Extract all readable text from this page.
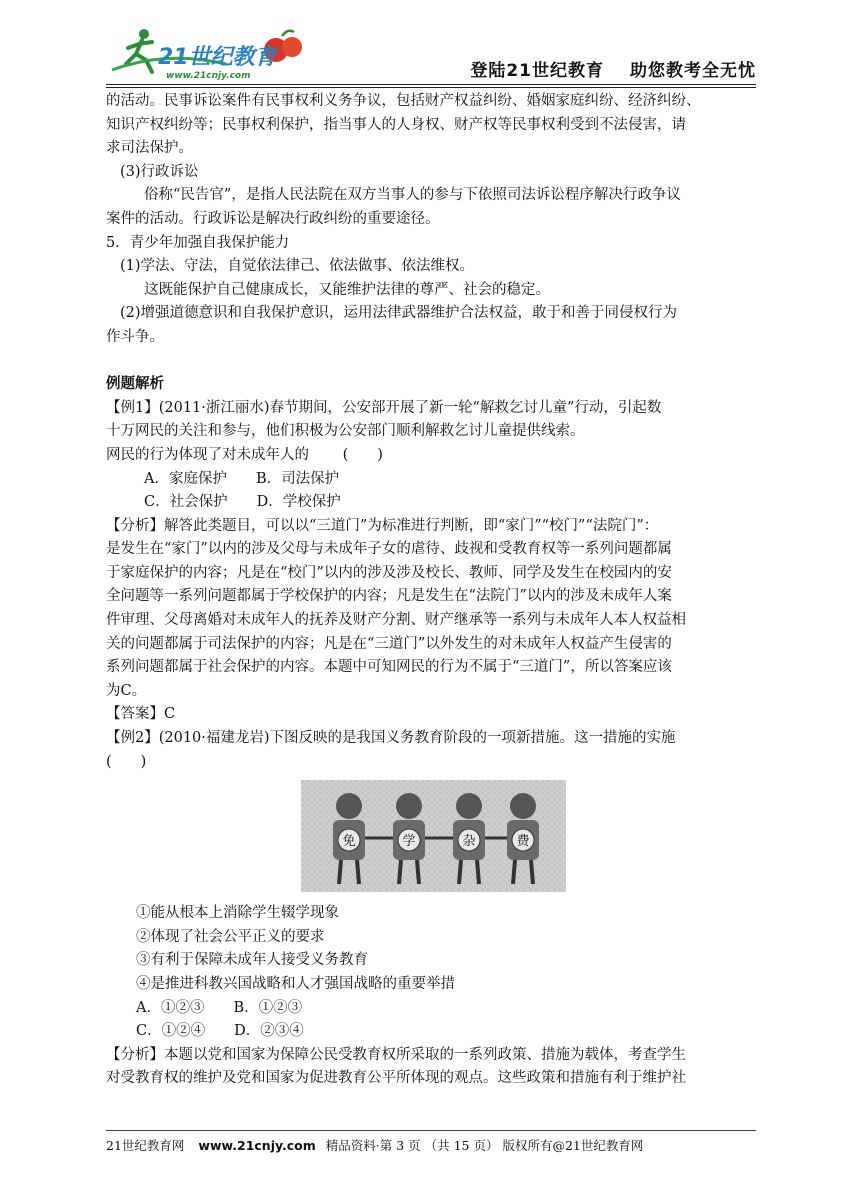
21世纪教育
www.21cnjy.com	登陆21世纪教育 助您教考全无忧
的活动。民事诉讼案件有民事权利义务争议，包括财产权益纠纷、婚姻家庭纠纷、经济纠纷、
知识产权纠纷等；民事权利保护，指当事人的人身权、财产权等民事权利受到不法侵害，请
求司法保护。
(3)行政诉讼
俗称“民告官”，是指人民法院在双方当事人的参与下依照司法诉讼程序解决行政争议
案件的活动。行政诉讼是解决行政纠纷的重要途径。
5．青少年加强自我保护能力
(1)学法、守法，自觉依法律己、依法做事、依法维权。
这既能保护自己健康成长，又能维护法律的尊严、社会的稳定。
(2)增强道德意识和自我保护意识，运用法律武器维护合法权益，敢于和善于同侵权行为
作斗争。
例题解析
【例1】(2011·浙江丽水)春节期间，公安部开展了新一轮“解救乞讨儿童”行动，引起数
十万网民的关注和参与，他们积极为公安部门顺利解救乞讨儿童提供线索。
网民的行为体现了对未成年人的　　 (　　)
A．家庭保护　　B．司法保护
C．社会保护　　D．学校保护
【分析】解答此类题目，可以以“三道门”为标准进行判断，即“家门”“校门”“法院门”：
是发生在“家门”以内的涉及父母与未成年子女的虐待、歧视和受教育权等一系列问题都属
于家庭保护的内容；凡是在“校门”以内的涉及涉及校长、教师、同学及发生在校园内的安
全问题等一系列问题都属于学校保护的内容；凡是发生在“法院门”以内的涉及未成年人案
件审理、父母离婚对未成年人的抚养及财产分割、财产继承等一系列与未成年人本人权益相
关的问题都属于司法保护的内容；凡是在“三道门”以外发生的对未成年人权益产生侵害的
系列问题都属于社会保护的内容。本题中可知网民的行为不属于“三道门”，所以答案应该
为C。
【答案】C
【例2】(2010·福建龙岩)下图反映的是我国义务教育阶段的一项新措施。这一措施的实施
(　　)
免	学	杂	费
①能从根本上消除学生辍学现象
②体现了社会公平正义的要求
③有利于保障未成年人接受义务教育
④是推进科教兴国战略和人才强国战略的重要举措
A．①②③　　B．①②③
C．①②④　　D．②③④
【分析】本题以党和国家为保障公民受教育权所采取的一系列政策、措施为载体，考查学生
对受教育权的维护及党和国家为促进教育公平所体现的观点。这些政策和措施有利于维护社
21世纪教育网 www.21cnjy.com 精品资料·第 3 页 （共 15 页） 版权所有@21世纪教育网
